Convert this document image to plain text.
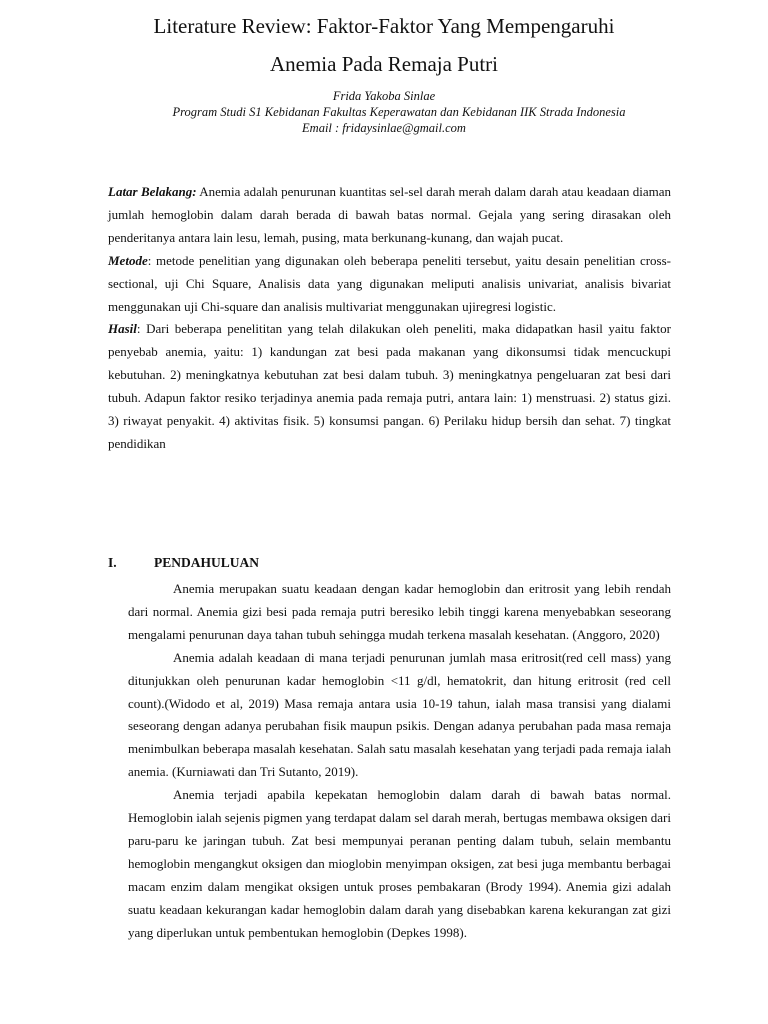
Literature Review: Faktor-Faktor Yang Mempengaruhi
Anemia Pada Remaja Putri
Frida Yakoba Sinlae
Program Studi S1 Kebidanan Fakultas Keperawatan dan Kebidanan IIK Strada Indonesia
Email : fridaysinlae@gmail.com

Latar Belakang: Anemia adalah penurunan kuantitas sel-sel darah merah dalam darah atau keadaan diaman jumlah hemoglobin dalam darah berada di bawah batas normal. Gejala yang sering dirasakan oleh penderitanya antara lain lesu, lemah, pusing, mata berkunang-kunang, dan wajah pucat.

Metode: metode penelitian yang digunakan oleh beberapa peneliti tersebut, yaitu desain penelitian cross-sectional, uji Chi Square, Analisis data yang digunakan meliputi analisis univariat, analisis bivariat menggunakan uji Chi-square dan analisis multivariat menggunakan ujiregresi logistic.

Hasil: Dari beberapa penelititan yang telah dilakukan oleh peneliti, maka didapatkan hasil yaitu faktor penyebab anemia, yaitu: 1) kandungan zat besi pada makanan yang dikonsumsi tidak mencuckupi kebutuhan. 2) meningkatnya kebutuhan zat besi dalam tubuh. 3) meningkatnya pengeluaran zat besi dari tubuh. Adapun faktor resiko terjadinya anemia pada remaja putri, antara lain: 1) menstruasi. 2) status gizi. 3) riwayat penyakit. 4) aktivitas fisik. 5) konsumsi pangan. 6) Perilaku hidup bersih dan sehat. 7) tingkat pendidikan

I.	PENDAHULUAN

Anemia merupakan suatu keadaan dengan kadar hemoglobin dan eritrosit yang lebih rendah dari normal. Anemia gizi besi pada remaja putri beresiko lebih tinggi karena menyebabkan seseorang mengalami penurunan daya tahan tubuh sehingga mudah terkena masalah kesehatan. (Anggoro, 2020)

Anemia adalah keadaan di mana terjadi penurunan jumlah masa eritrosit(red cell mass) yang ditunjukkan oleh penurunan kadar hemoglobin <11 g/dl, hematokrit, dan hitung eritrosit (red cell count).(Widodo et al, 2019) Masa remaja antara usia 10-19 tahun, ialah masa transisi yang dialami seseorang dengan adanya perubahan fisik maupun psikis. Dengan adanya perubahan pada masa remaja menimbulkan beberapa masalah kesehatan. Salah satu masalah kesehatan yang terjadi pada remaja ialah anemia. (Kurniawati dan Tri Sutanto, 2019).

Anemia terjadi apabila kepekatan hemoglobin dalam darah di bawah batas normal. Hemoglobin ialah sejenis pigmen yang terdapat dalam sel darah merah, bertugas membawa oksigen dari paru-paru ke jaringan tubuh. Zat besi mempunyai peranan penting dalam tubuh, selain membantu hemoglobin mengangkut oksigen dan mioglobin menyimpan oksigen, zat besi juga membantu berbagai macam enzim dalam mengikat oksigen untuk proses pembakaran (Brody 1994). Anemia gizi adalah suatu keadaan kekurangan kadar hemoglobin dalam darah yang disebabkan karena kekurangan zat gizi yang diperlukan untuk pembentukan hemoglobin (Depkes 1998).
